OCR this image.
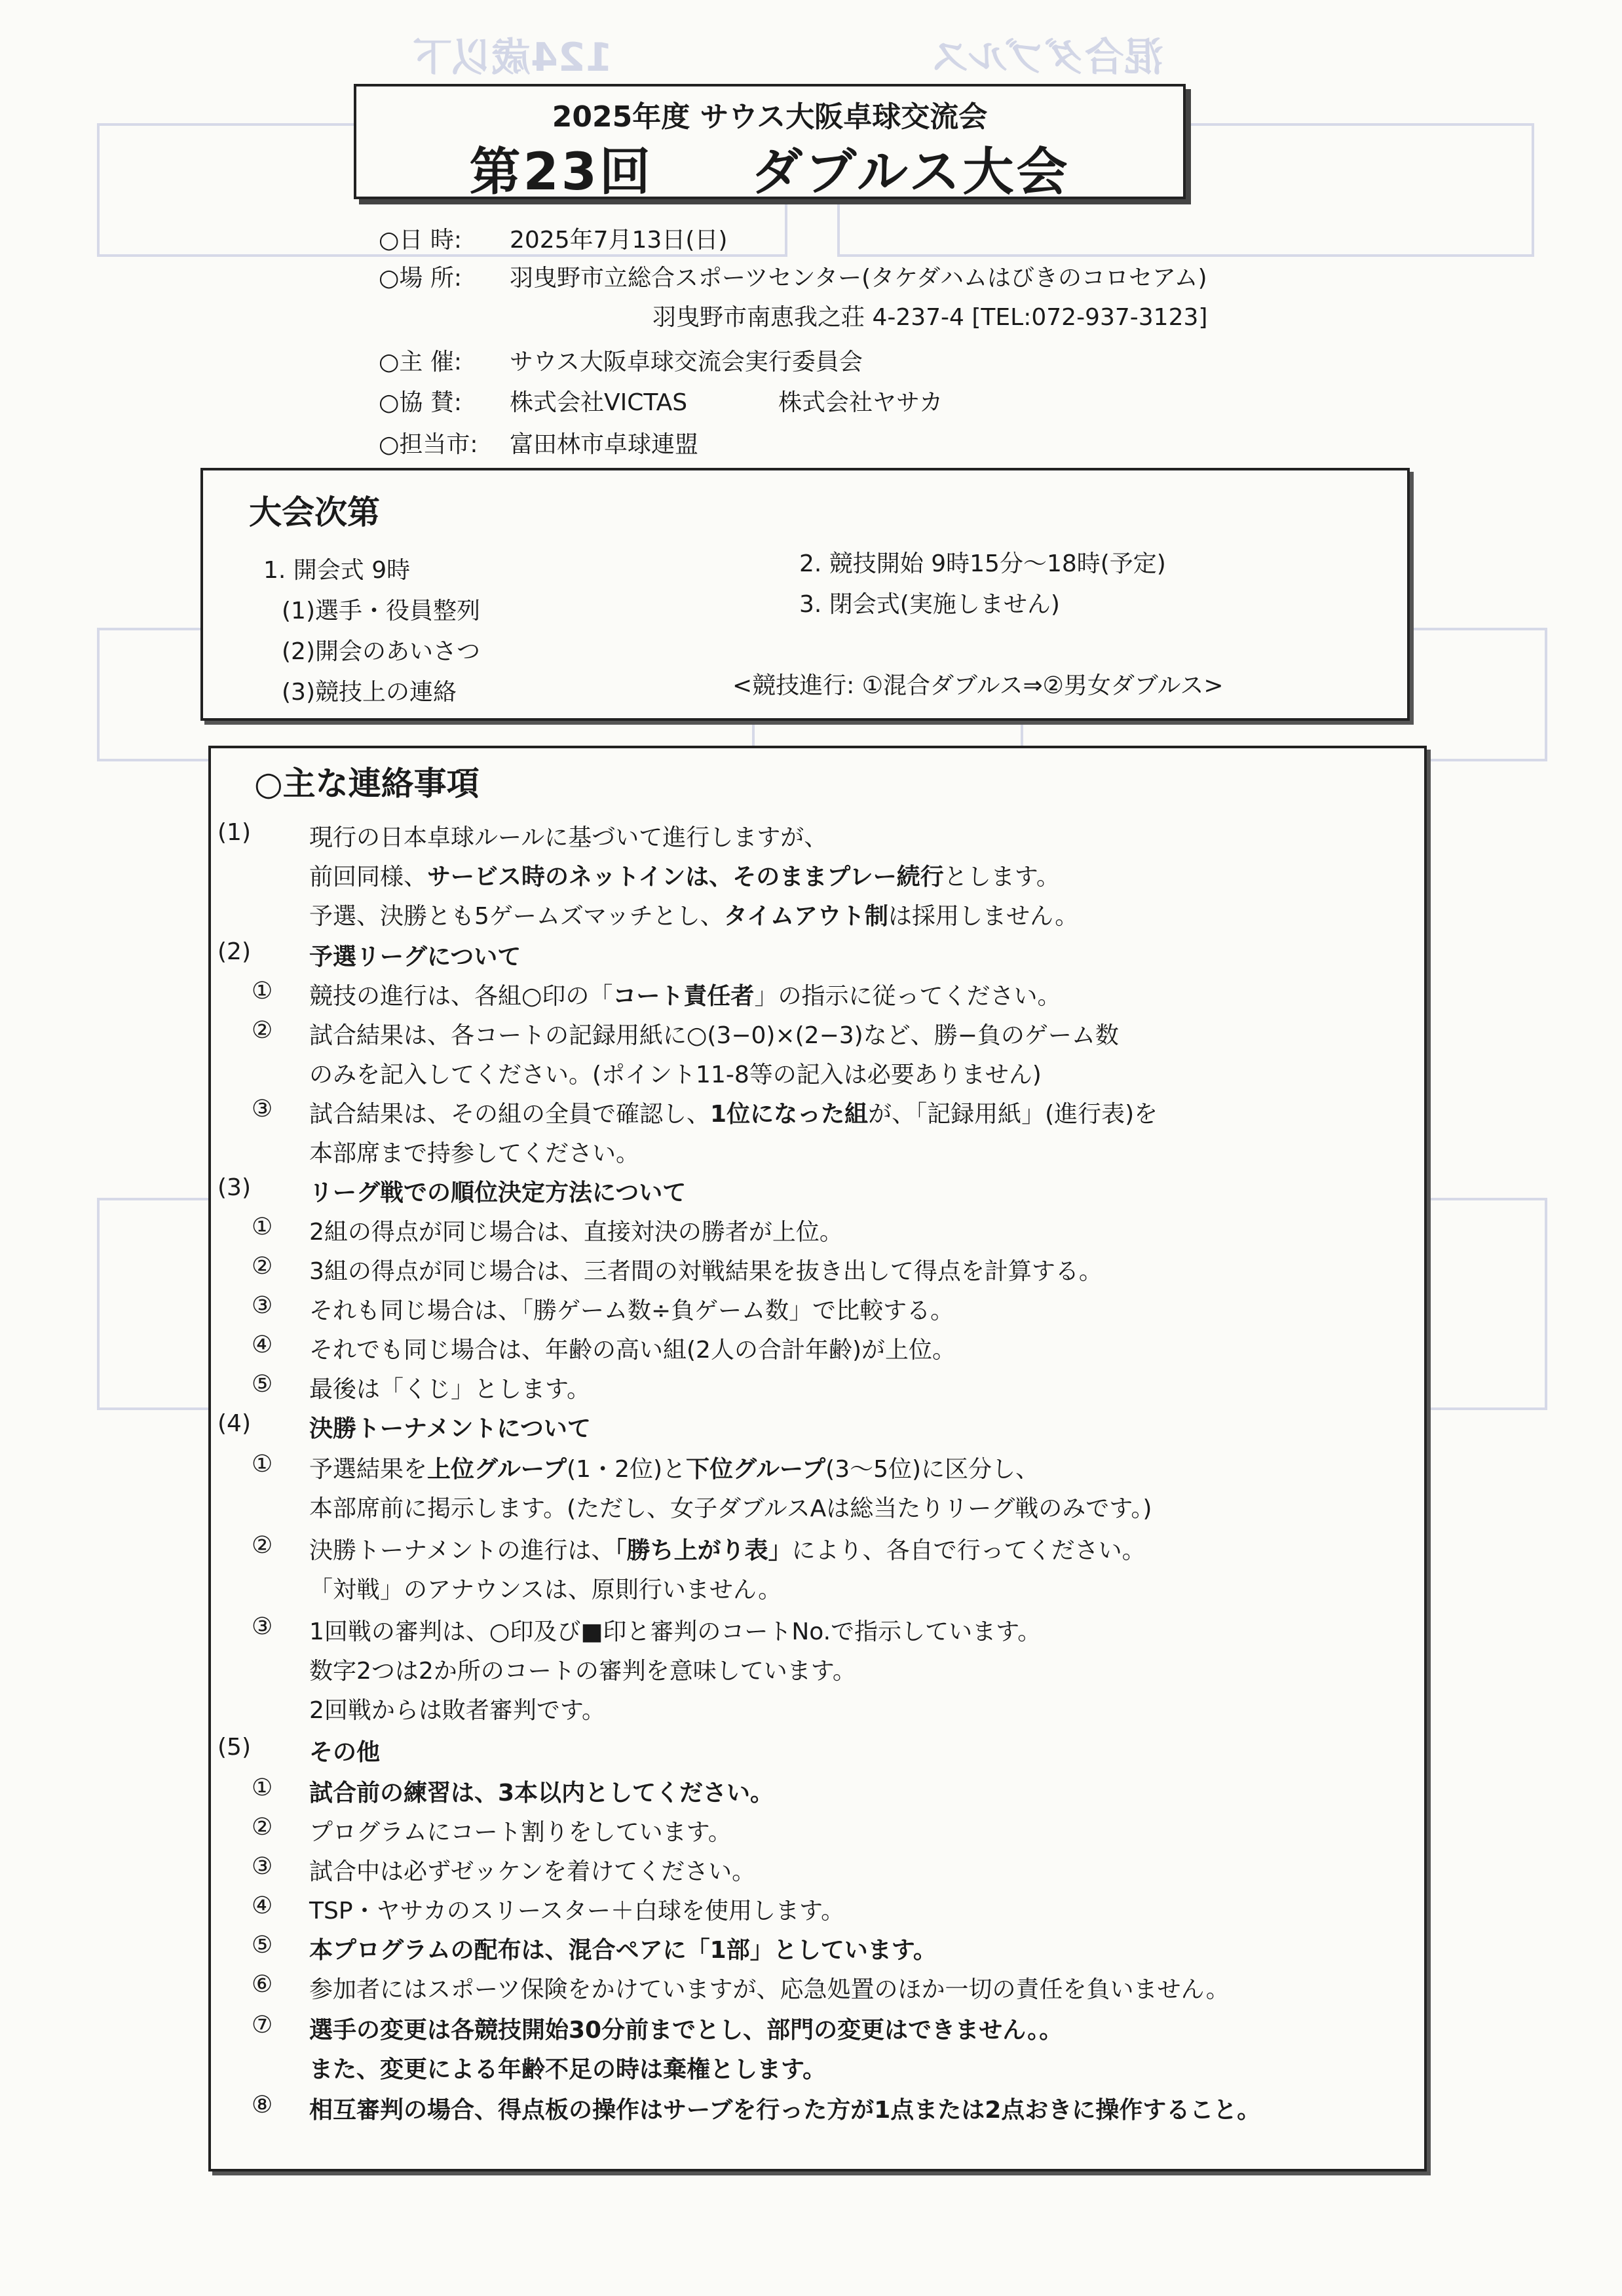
124歳以下	混合ダブルス
2025年度 サウス大阪卓球交流会
第23回 ダブルス大会
○日 時: 2025年7月13日(日)
○場 所: 羽曳野市立総合スポーツセンター(タケダハムはびきのコロセアム)
羽曳野市南恵我之荘 4-237-4 [TEL:072-937-3123]
○主 催: サウス大阪卓球交流会実行委員会
○協 賛: 株式会社VICTAS	株式会社ヤサカ
○担当市: 富田林市卓球連盟
大会次第
1. 開会式 9時
(1)選手・役員整列
(2)開会のあいさつ
(3)競技上の連絡
2. 競技開始 9時15分～18時(予定)
3. 閉会式(実施しません)
<競技進行: ①混合ダブルス⇒②男女ダブルス>
○主な連絡事項
(1) 現行の日本卓球ルールに基づいて進行しますが、
前回同様、サービス時のネットインは、そのままプレー続行とします。
予選、決勝とも5ゲームズマッチとし、タイムアウト制は採用しません。
(2) 予選リーグについて
① 競技の進行は、各組○印の「コート責任者」の指示に従ってください。
② 試合結果は、各コートの記録用紙に○(3−0)×(2−3)など、勝−負のゲーム数
のみを記入してください。(ポイント11-8等の記入は必要ありません)
③ 試合結果は、その組の全員で確認し、1位になった組が、「記録用紙」(進行表)を
本部席まで持参してください。
(3) リーグ戦での順位決定方法について
① 2組の得点が同じ場合は、直接対決の勝者が上位。
② 3組の得点が同じ場合は、三者間の対戦結果を抜き出して得点を計算する。
③ それも同じ場合は、「勝ゲーム数÷負ゲーム数」で比較する。
④ それでも同じ場合は、年齢の高い組(2人の合計年齢)が上位。
⑤ 最後は「くじ」とします。
(4) 決勝トーナメントについて
① 予選結果を上位グループ(1・2位)と下位グループ(3～5位)に区分し、
本部席前に掲示します。(ただし、女子ダブルスAは総当たりリーグ戦のみです。)
② 決勝トーナメントの進行は、「勝ち上がり表」により、各自で行ってください。
「対戦」のアナウンスは、原則行いません。
③ 1回戦の審判は、○印及び■印と審判のコートNo.で指示しています。
数字2つは2か所のコートの審判を意味しています。
2回戦からは敗者審判です。
(5) その他
① 試合前の練習は、3本以内としてください。
② プログラムにコート割りをしています。
③ 試合中は必ずゼッケンを着けてください。
④ TSP・ヤサカのスリースター＋白球を使用します。
⑤ 本プログラムの配布は、混合ペアに「1部」としています。
⑥ 参加者にはスポーツ保険をかけていますが、応急処置のほか一切の責任を負いません。
⑦ 選手の変更は各競技開始30分前までとし、部門の変更はできません。。
また、変更による年齢不足の時は棄権とします。
⑧ 相互審判の場合、得点板の操作はサーブを行った方が1点または2点おきに操作すること。
